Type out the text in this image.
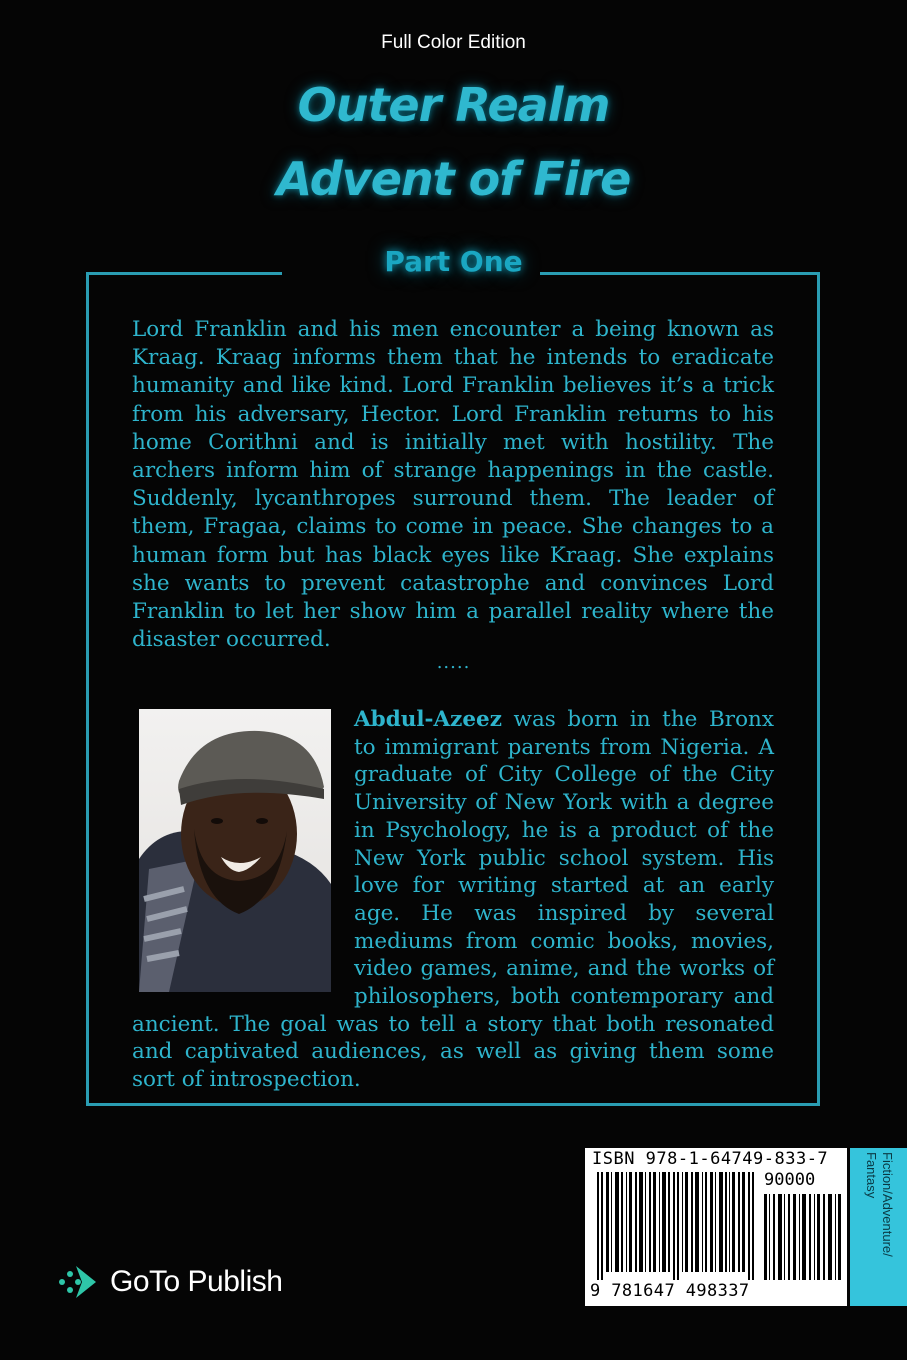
Full Color Edition
Outer Realm
Advent of Fire
Part One
Lord Franklin and his men encounter a being known as Kraag. Kraag informs them that he intends to eradicate humanity and like kind. Lord Franklin believes it’s a trick from his adversary, Hector. Lord Franklin returns to his home Corithni and is initially met with hostility. The archers inform him of strange happenings in the castle. Suddenly, lycanthropes surround them. The leader of them, Fragaa, claims to come in peace. She changes to a human form but has black eyes like Kraag. She explains she wants to prevent catastrophe and convinces Lord Franklin to let her show him a parallel reality where the disaster occurred.
.....
Abdul-Azeez was born in the Bronx to immigrant parents from Nigeria. A graduate of City College of the City University of New York with a degree in Psychology, he is a product of the New York public school system. His love for writing started at an early age. He was inspired by several mediums from comic books, movies, video games, anime, and the works of philosophers, both contemporary and ancient. The goal was to tell a story that both resonated and captivated audiences, as well as giving them some sort of introspection.
ISBN 978-1-64749-833-7
90000
9 781647 498337
Fiction/Adventure/ Fantasy
GoTo Publish
